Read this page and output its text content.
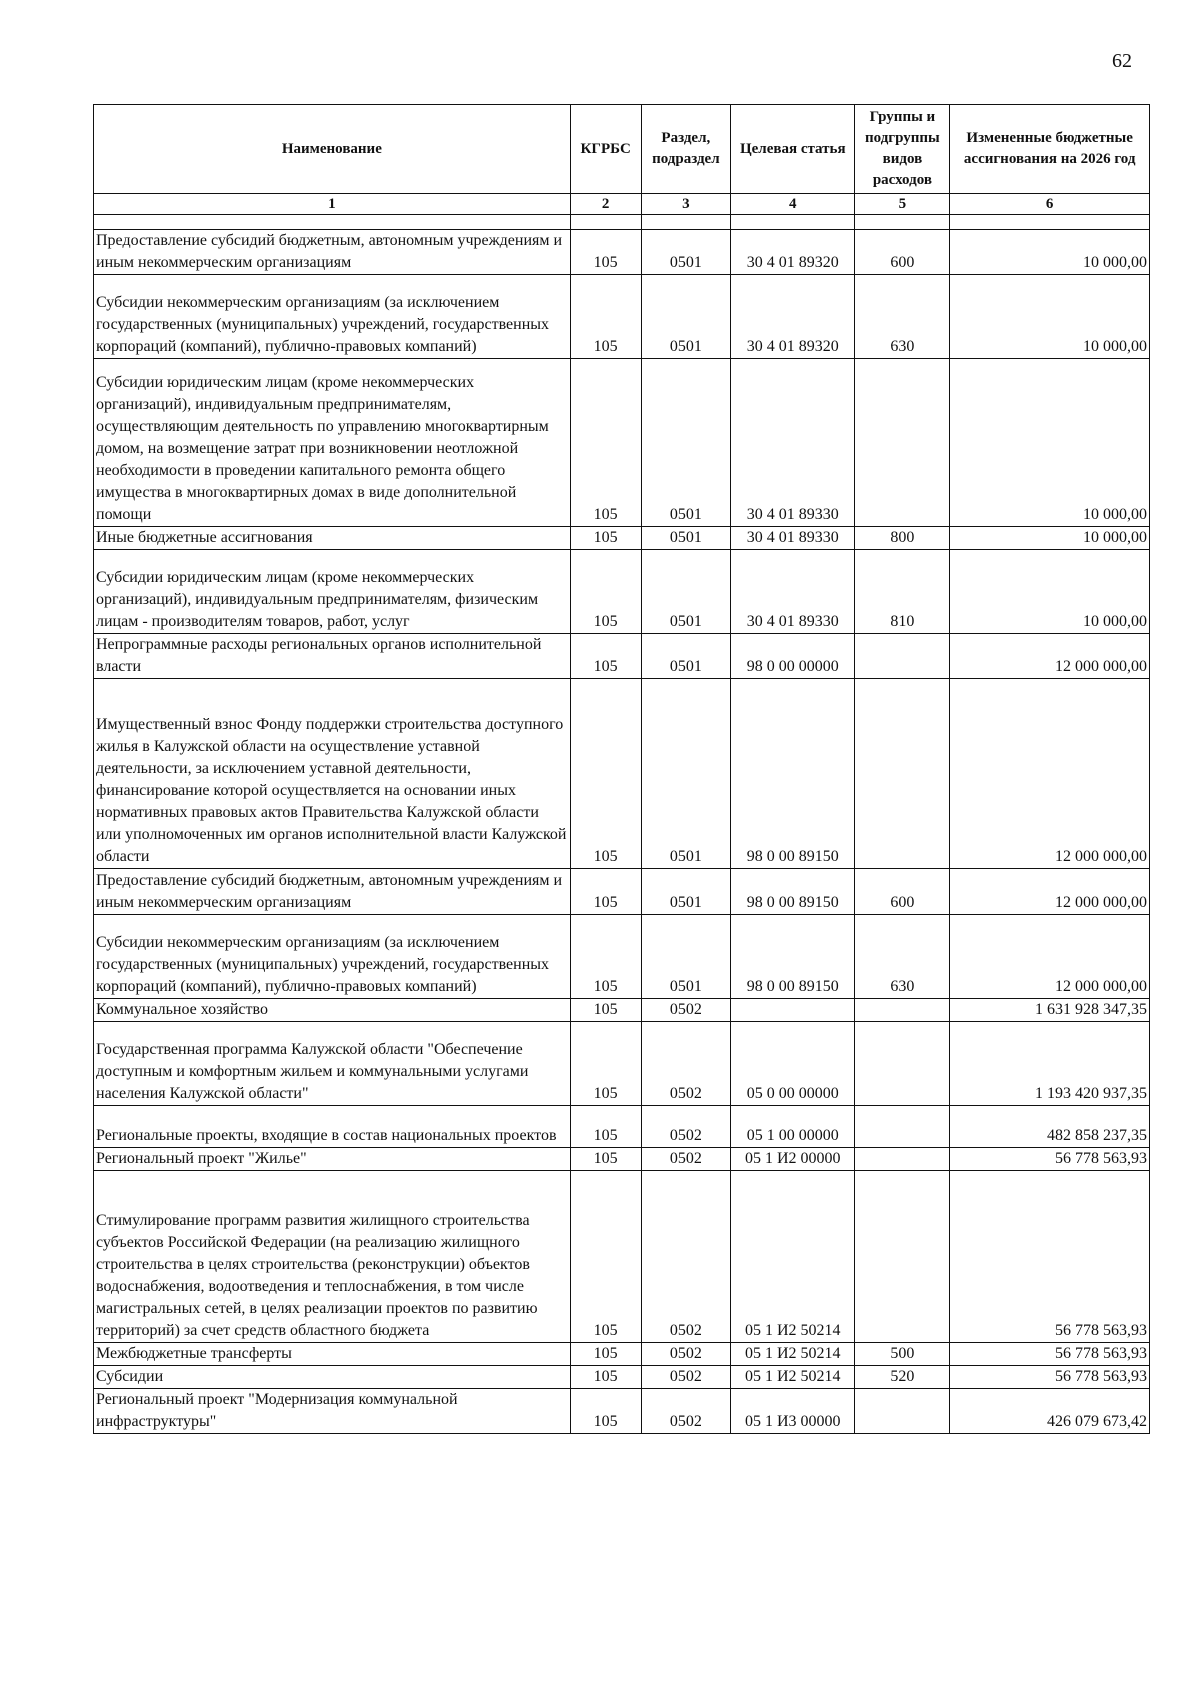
62
Наименование	КГРБС	Раздел, подраздел	Целевая статья	Группы и подгруппы видов расходов	Измененные бюджетные ассигнования на 2026 год
1	2	3	4	5	6

Предоставление субсидий бюджетным, автономным учреждениям и иным некоммерческим организациям	105	0501	30 4 01 89320	600	10 000,00
Субсидии некоммерческим организациям (за исключением государственных (муниципальных) учреждений, государственных корпораций (компаний), публично-правовых компаний)	105	0501	30 4 01 89320	630	10 000,00
Субсидии юридическим лицам (кроме некоммерческих организаций), индивидуальным предпринимателям, осуществляющим деятельность по управлению многоквартирным домом, на возмещение затрат при возникновении неотложной необходимости в проведении капитального ремонта общего имущества в многоквартирных домах в виде дополнительной помощи	105	0501	30 4 01 89330		10 000,00
Иные бюджетные ассигнования	105	0501	30 4 01 89330	800	10 000,00
Субсидии юридическим лицам (кроме некоммерческих организаций), индивидуальным предпринимателям, физическим лицам - производителям товаров, работ, услуг	105	0501	30 4 01 89330	810	10 000,00
Непрограммные расходы региональных органов исполнительной власти	105	0501	98 0 00 00000		12 000 000,00
Имущественный взнос Фонду поддержки строительства доступного жилья в Калужской области на осуществление уставной деятельности, за исключением уставной деятельности, финансирование которой осуществляется на основании иных нормативных правовых актов Правительства Калужской области или уполномоченных им органов исполнительной власти Калужской области	105	0501	98 0 00 89150		12 000 000,00
Предоставление субсидий бюджетным, автономным учреждениям и иным некоммерческим организациям	105	0501	98 0 00 89150	600	12 000 000,00
Субсидии некоммерческим организациям (за исключением государственных (муниципальных) учреждений, государственных корпораций (компаний), публично-правовых компаний)	105	0501	98 0 00 89150	630	12 000 000,00
Коммунальное хозяйство	105	0502			1 631 928 347,35
Государственная программа Калужской области "Обеспечение доступным и комфортным жильем и коммунальными услугами населения Калужской области"	105	0502	05 0 00 00000		1 193 420 937,35
Региональные проекты, входящие в состав национальных проектов	105	0502	05 1 00 00000		482 858 237,35
Региональный проект "Жилье"	105	0502	05 1 И2 00000		56 778 563,93
Стимулирование программ развития жилищного строительства субъектов Российской Федерации (на реализацию жилищного строительства в целях строительства (реконструкции) объектов водоснабжения, водоотведения и теплоснабжения, в том числе магистральных сетей, в целях реализации проектов по развитию территорий) за счет средств областного бюджета	105	0502	05 1 И2 50214		56 778 563,93
Межбюджетные трансферты	105	0502	05 1 И2 50214	500	56 778 563,93
Субсидии	105	0502	05 1 И2 50214	520	56 778 563,93
Региональный проект "Модернизация коммунальной инфраструктуры"	105	0502	05 1 И3 00000		426 079 673,42
